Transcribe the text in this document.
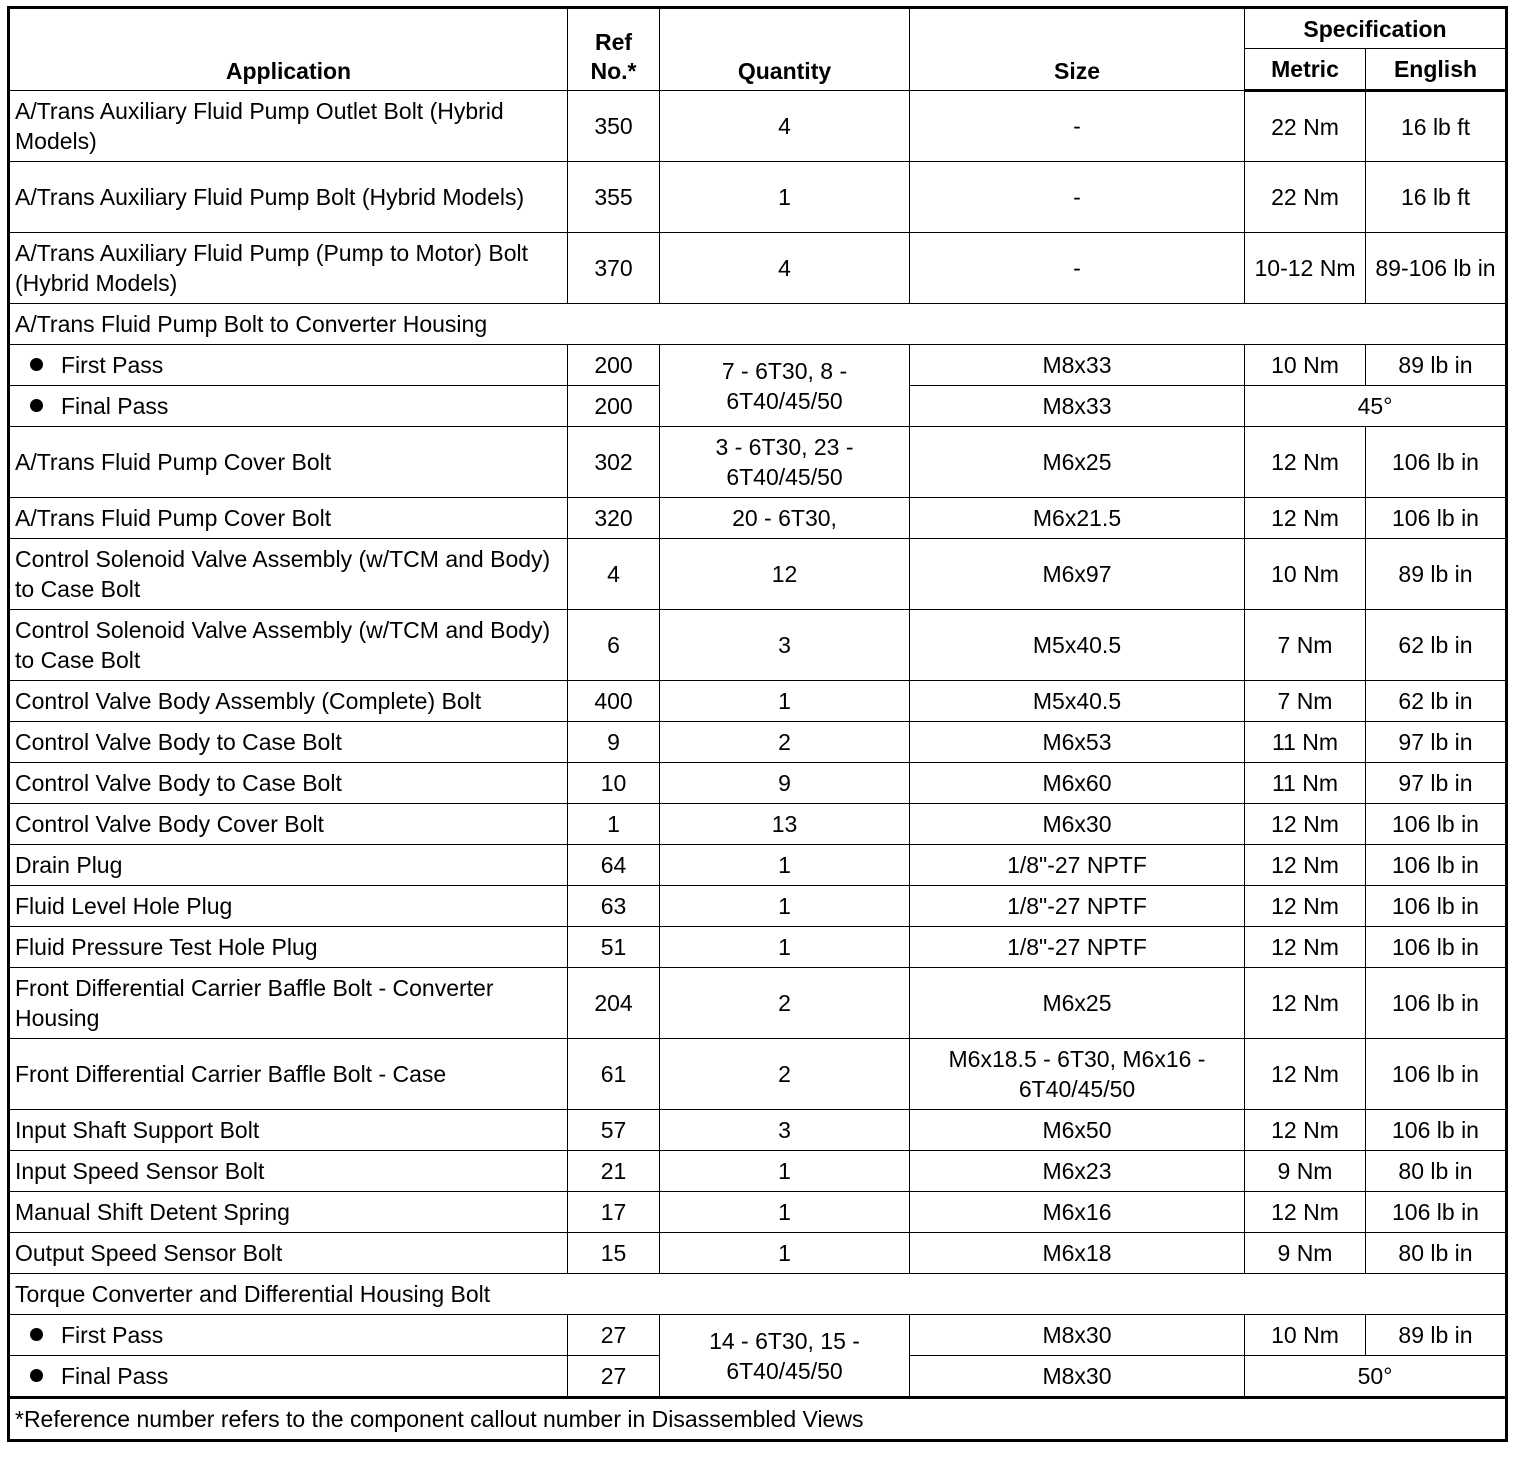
Application	Ref No.*	Quantity	Size	Specification	
				Metric	English
A/Trans Auxiliary Fluid Pump Outlet Bolt (Hybrid Models)	350	4	-	22 Nm	16 lb ft
A/Trans Auxiliary Fluid Pump Bolt (Hybrid Models)	355	1	-	22 Nm	16 lb ft
A/Trans Auxiliary Fluid Pump (Pump to Motor) Bolt (Hybrid Models)	370	4	-	10-12 Nm	89-106 lb in
A/Trans Fluid Pump Bolt to Converter Housing					
First Pass	200	7 - 6T30, 8 - 6T40/45/50	M8x33	10 Nm	89 lb in
Final Pass	200		M8x33	45°	
A/Trans Fluid Pump Cover Bolt	302	3 - 6T30, 23 - 6T40/45/50	M6x25	12 Nm	106 lb in
A/Trans Fluid Pump Cover Bolt	320	20 - 6T30,	M6x21.5	12 Nm	106 lb in
Control Solenoid Valve Assembly (w/TCM and Body) to Case Bolt	4	12	M6x97	10 Nm	89 lb in
Control Solenoid Valve Assembly (w/TCM and Body) to Case Bolt	6	3	M5x40.5	7 Nm	62 lb in
Control Valve Body Assembly (Complete) Bolt	400	1	M5x40.5	7 Nm	62 lb in
Control Valve Body to Case Bolt	9	2	M6x53	11 Nm	97 lb in
Control Valve Body to Case Bolt	10	9	M6x60	11 Nm	97 lb in
Control Valve Body Cover Bolt	1	13	M6x30	12 Nm	106 lb in
Drain Plug	64	1	1/8"-27 NPTF	12 Nm	106 lb in
Fluid Level Hole Plug	63	1	1/8"-27 NPTF	12 Nm	106 lb in
Fluid Pressure Test Hole Plug	51	1	1/8"-27 NPTF	12 Nm	106 lb in
Front Differential Carrier Baffle Bolt - Converter Housing	204	2	M6x25	12 Nm	106 lb in
Front Differential Carrier Baffle Bolt - Case	61	2	M6x18.5 - 6T30, M6x16 - 6T40/45/50	12 Nm	106 lb in
Input Shaft Support Bolt	57	3	M6x50	12 Nm	106 lb in
Input Speed Sensor Bolt	21	1	M6x23	9 Nm	80 lb in
Manual Shift Detent Spring	17	1	M6x16	12 Nm	106 lb in
Output Speed Sensor Bolt	15	1	M6x18	9 Nm	80 lb in
Torque Converter and Differential Housing Bolt					
First Pass	27	14 - 6T30, 15 - 6T40/45/50	M8x30	10 Nm	89 lb in
Final Pass	27		M8x30	50°	
*Reference number refers to the component callout number in Disassembled Views					
